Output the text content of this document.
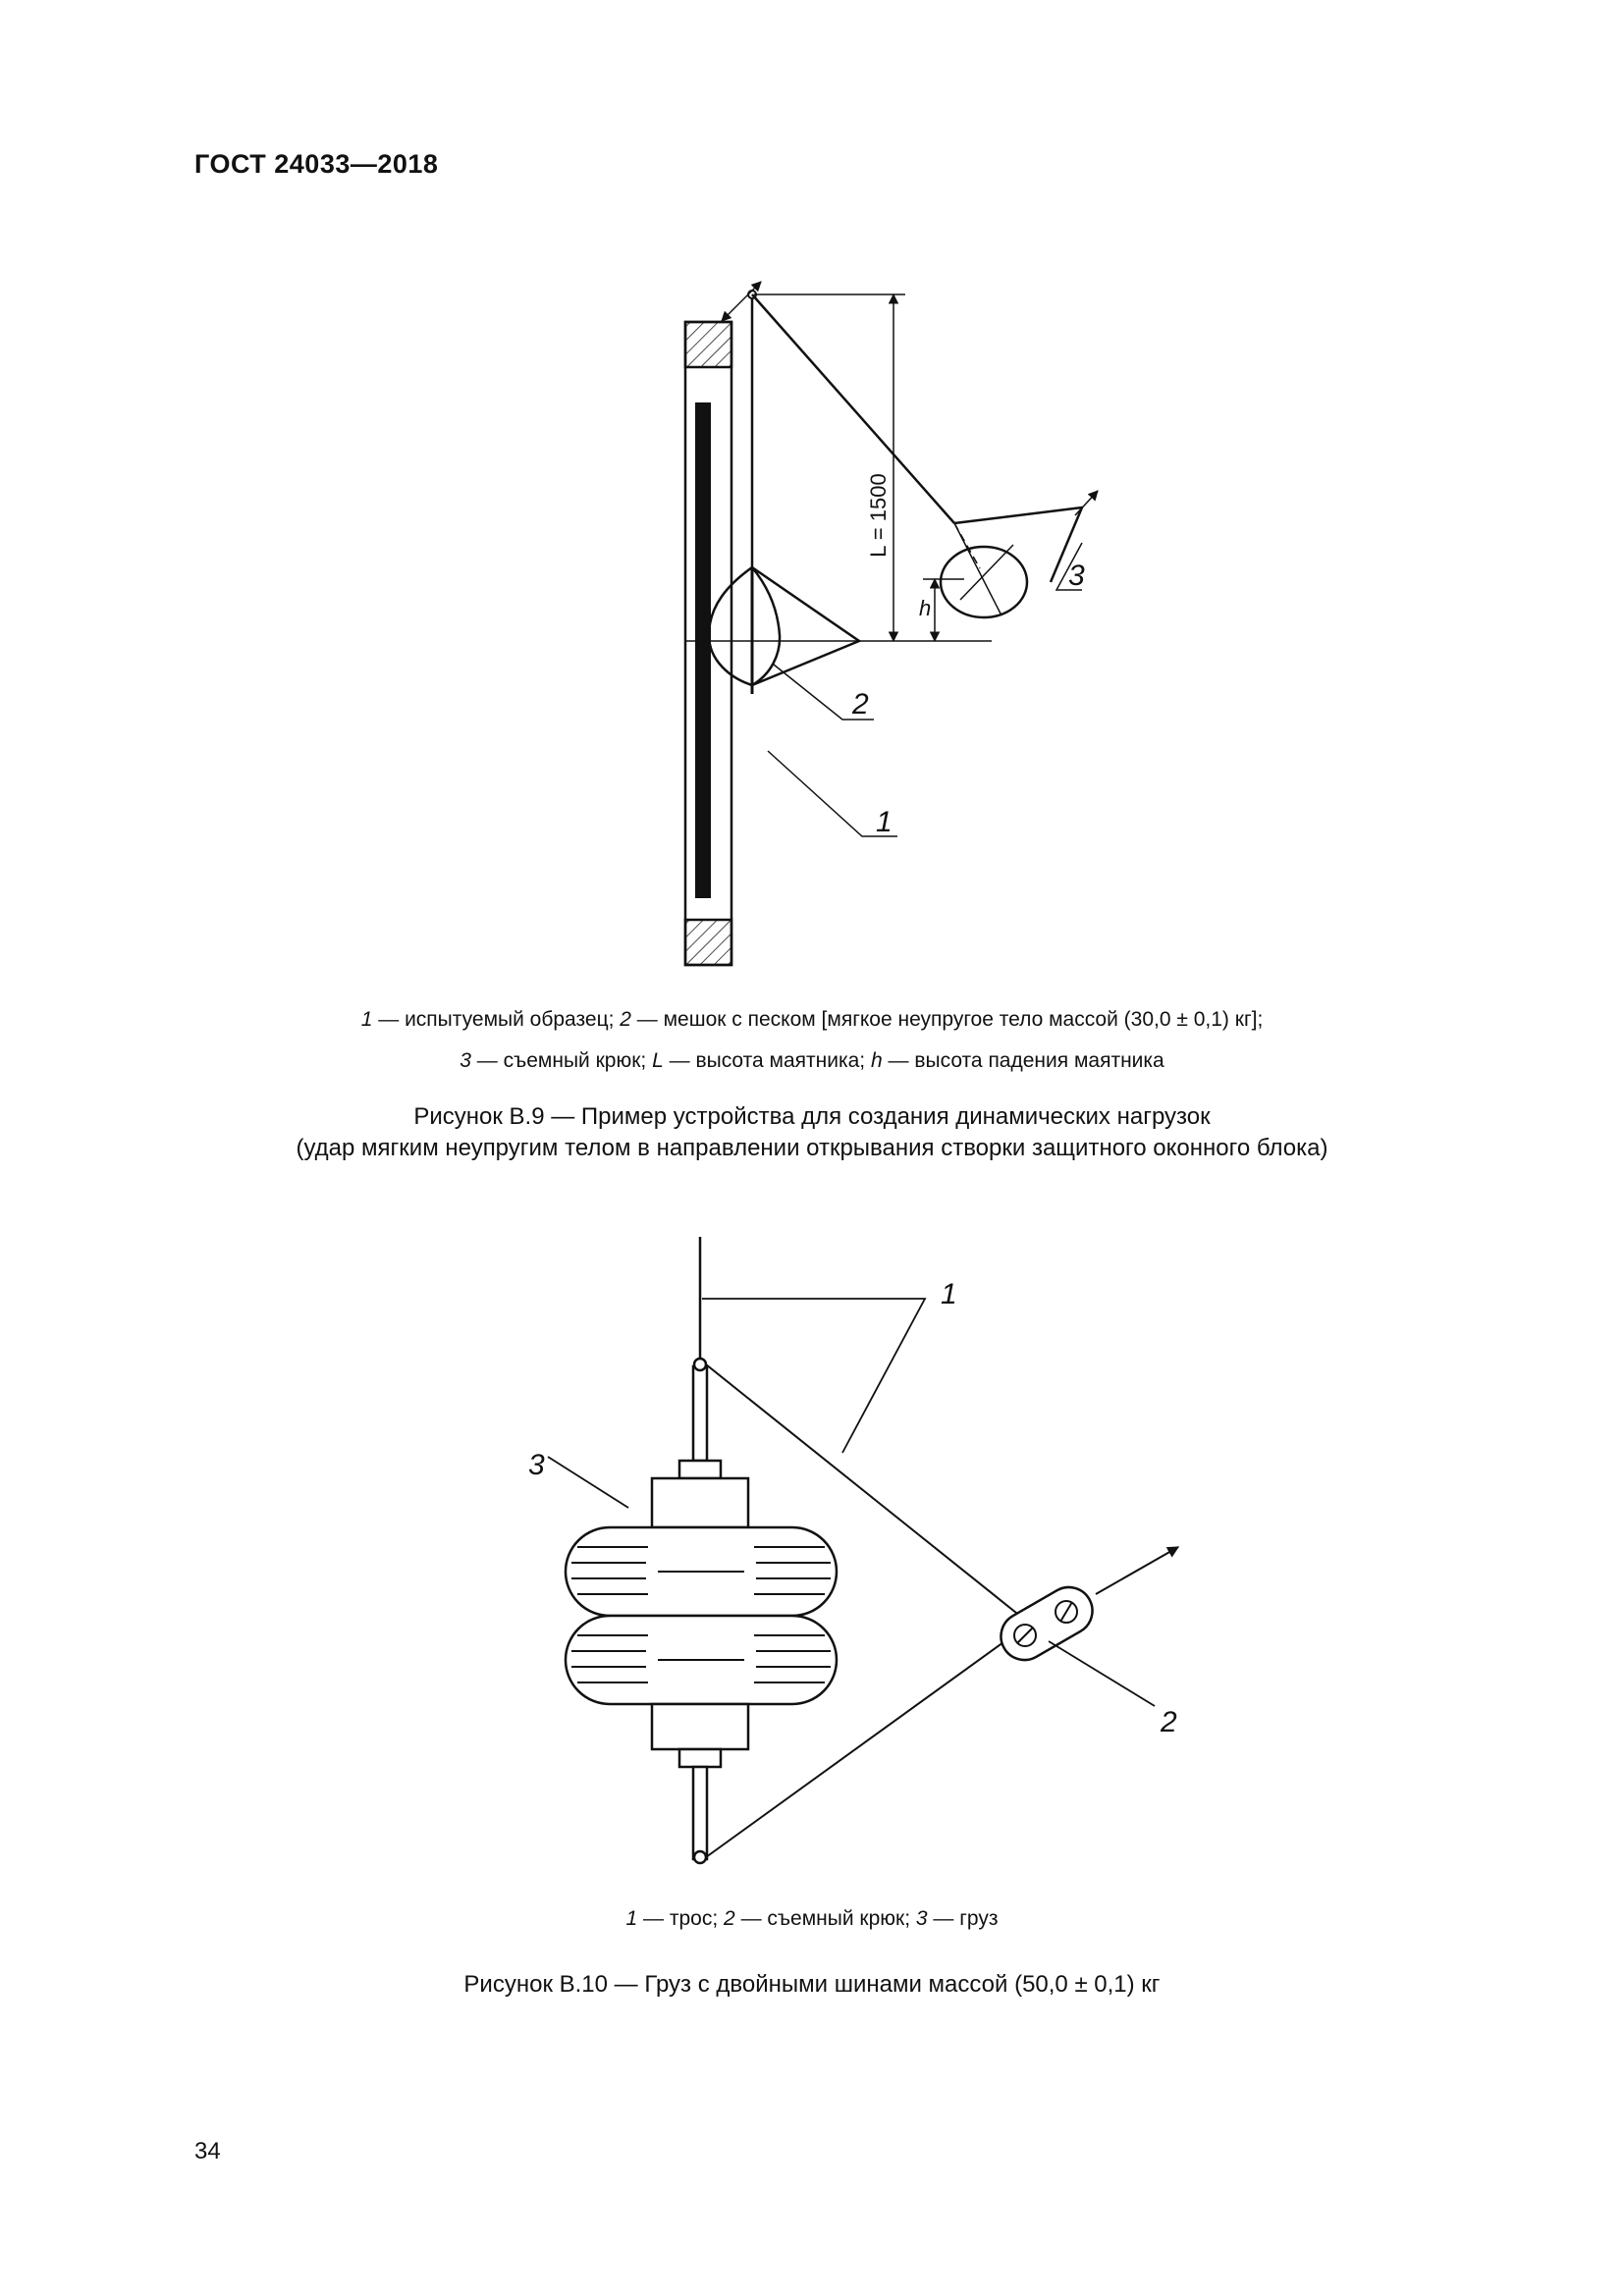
ГОСТ 24033—2018
L = 1500
h
1
2
3
1 — испытуемый образец; 2 — мешок с песком [мягкое неупругое тело массой (30,0 ± 0,1) кг];
3 — съемный крюк; L — высота маятника; h — высота падения маятника
Рисунок В.9 — Пример устройства для создания динамических нагрузок
(удар мягким неупругим телом в направлении открывания створки защитного оконного блока)
1
2
3
1 — трос; 2 — съемный крюк; 3 — груз
Рисунок В.10 — Груз с двойными шинами массой (50,0 ± 0,1) кг
34
